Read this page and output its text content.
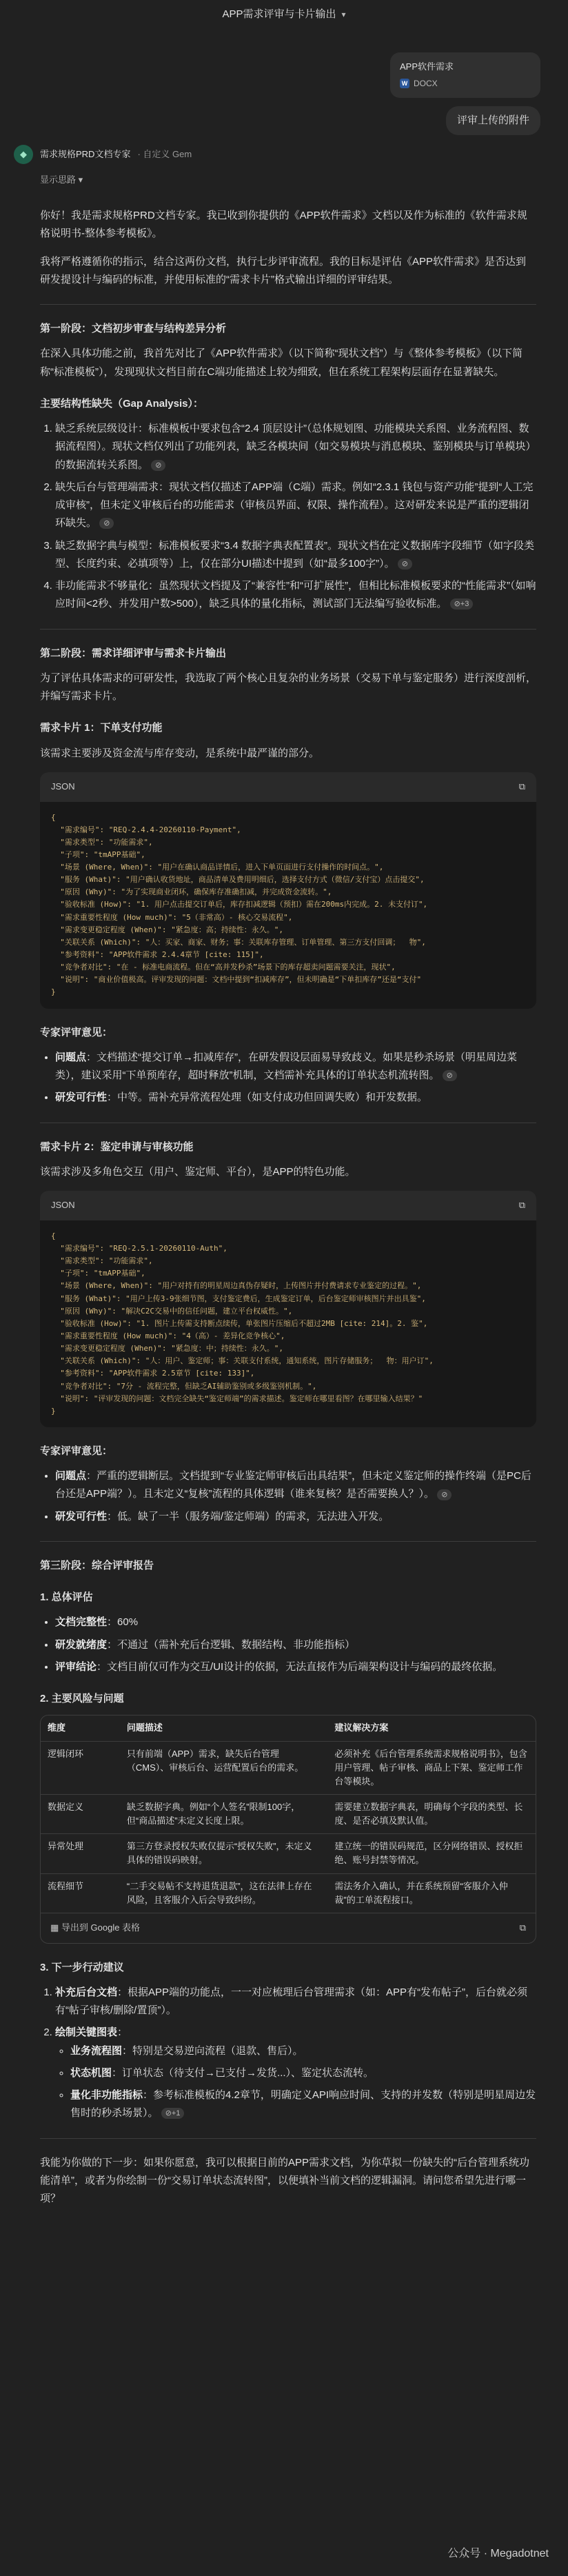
APP需求评审与卡片输出 ▾
APP软件需求
W DOCX
评审上传的附件
◆	需求规格PRD文档专家 · 自定义 Gem
显示思路 ▾

你好！我是需求规格PRD文档专家。我已收到你提供的《APP软件需求》文档以及作为标准的《软件需求规格说明书-整体参考模板》。

我将严格遵循你的指示，结合这两份文档，执行七步评审流程。我的目标是评估《APP软件需求》是否达到研发提设计与编码的标准，并使用标准的“需求卡片”格式输出详细的评审结果。

第一阶段：文档初步审查与结构差异分析

在深入具体功能之前，我首先对比了《APP软件需求》（以下简称“现状文档”）与《整体参考模板》（以下简称“标准模板”），发现现状文档目前在C端功能描述上较为细致，但在系统工程架构层面存在显著缺失。

主要结构性缺失（Gap Analysis）：
1. 缺乏系统层级设计：标准模板中要求包含“2.4 顶层设计”（总体规划图、功能模块关系图、业务流程图、数据流程图）。现状文档仅列出了功能列表，缺乏各模块间（如交易模块与消息模块、鉴别模块与订单模块）的数据流转关系图。 ⊘
2. 缺失后台与管理端需求：现状文档仅描述了APP端（C端）需求。例如“2.3.1 钱包与资产功能”提到“人工完成审核”，但未定义审核后台的功能需求（审核员界面、权限、操作流程）。这对研发来说是严重的逻辑闭环缺失。 ⊘
3. 缺乏数据字典与模型：标准模板要求“3.4 数据字典表配置表”。现状文档在定义数据库字段细节（如字段类型、长度约束、必填项等）上，仅在部分UI描述中提到（如“最多100字”）。 ⊘
4. 非功能需求不够量化：虽然现状文档提及了“兼容性”和“可扩展性”，但相比标准模板要求的“性能需求”（如响应时间<2秒、并发用户数>500），缺乏具体的量化指标，测试部门无法编写验收标准。 ⊘+3
第二阶段：需求详细评审与需求卡片输出

为了评估具体需求的可研发性，我选取了两个核心且复杂的业务场景（交易下单与鉴定服务）进行深度剖析，并编写需求卡片。

需求卡片 1：下单支付功能

该需求主要涉及资金流与库存变动，是系统中最严谨的部分。

JSON	⧉
{
"需求编号": "REQ-2.4.4-20260110-Payment",
"需求类型": "功能需求",
"子项": "tmAPP基础",
"场景 (Where, When)": "用户在确认商品详情后，进入下单页面进行支付操作的时间点。",
"服务 (What)": "用户确认收货地址，商品清单及费用明细后，选择支付方式（微信/支付宝）点击提交",
"原因 (Why)": "为了实现商业闭环，确保库存准确扣减，并完成资金流转。",
"验收标准 (How)": "1. 用户点击提交订单后，库存扣减逻辑（预扣）需在200ms内完成。2. 未支付订",
"需求重要性程度 (How much)": "5（非常高）- 核心交易流程",
"需求变更稳定程度 (When)": "紧急度：高；持续性：永久。",
"关联关系 (Which)": "人：买家、商家、财务；事：关联库存管理、订单管理、第三方支付回调；  物",
"参考资料": "APP软件需求 2.4.4章节 [cite: 115]",
"竞争者对比": "在 - 标准电商流程。但在“高并发秒杀”场景下的库存超卖问题需要关注，现状",
"说明": "商业价值极高。评审发现的问题：文档中提到“扣减库存”，但未明确是“下单扣库存”还是“支付"
}
专家评审意见：
• 问题点：文档描述“提交订单→扣减库存”，在研发假设层面易导致歧义。如果是秒杀场景（明星周边菜类），建议采用“下单预库存，超时释放”机制，文档需补充具体的订单状态机流转图。 ⊘
• 研发可行性：中等。需补充异常流程处理（如支付成功但回调失败）和开发数据。
需求卡片 2：鉴定申请与审核功能

该需求涉及多角色交互（用户、鉴定师、平台），是APP的特色功能。

JSON	⧉
{
"需求编号": "REQ-2.5.1-20260110-Auth",
"需求类型": "功能需求",
"子项": "tmAPP基础",
"场景 (Where, When)": "用户对持有的明星周边真伪存疑时，上传图片并付费请求专业鉴定的过程。",
"服务 (What)": "用户上传3-9张细节图，支付鉴定费后，生成鉴定订单，后台鉴定师审核图片并出具鉴",
"原因 (Why)": "解决C2C交易中的信任问题，建立平台权威性。",
"验收标准 (How)": "1. 图片上传需支持断点续传，单张图片压缩后不超过2MB [cite: 214]。2. 鉴",
"需求重要性程度 (How much)": "4（高）- 差异化竞争核心",
"需求变更稳定程度 (When)": "紧急度：中；持续性：永久。",
"关联关系 (Which)": "人：用户、鉴定师；事：关联支付系统，通知系统，图片存储服务；  物：用户订",
"参考资料": "APP软件需求 2.5章节 [cite: 133]",
"竞争者对比": "7分 - 流程完整，但缺乏AI辅助鉴别或多级鉴别机制。",
"说明": "评审发现的问题：文档完全缺失“鉴定师端”的需求描述。鉴定师在哪里看图？在哪里输入结果？"
}
专家评审意见：
• 问题点：严重的逻辑断层。文档提到“专业鉴定师审核后出具结果”，但未定义鉴定师的操作终端（是PC后台还是APP端？）。且未定义“复核”流程的具体逻辑（谁来复核？是否需要换人？）。 ⊘
• 研发可行性：低。缺了一半（服务端/鉴定师端）的需求，无法进入开发。
第三阶段：综合评审报告
1. 总体评估
• 文档完整性：60%
• 研发就绪度：不通过（需补充后台逻辑、数据结构、非功能指标）
• 评审结论：文档目前仅可作为交互/UI设计的依据，无法直接作为后端架构设计与编码的最终依据。
2. 主要风险与问题
维度	问题描述	建议解决方案
逻辑闭环	只有前端（APP）需求，缺失后台管理（CMS）、审核后台、运营配置后台的需求。	必须补充《后台管理系统需求规格说明书》，包含用户管理、帖子审核、商品上下架、鉴定师工作台等模块。
数据定义	缺乏数据字典。例如“个人签名”限制100字，但“商品描述”未定义长度上限。	需要建立数据字典表，明确每个字段的类型、长度、是否必填及默认值。
异常处理	第三方登录授权失败仅提示“授权失败”，未定义具体的错误码映射。	建立统一的错误码规范，区分网络错误、授权拒绝、账号封禁等情况。
流程细节	“二手交易帖不支持退货退款”，这在法律上存在风险，且客服介入后会导致纠纷。	需法务介入确认，并在系统预留“客服介入仲裁”的工单流程接口。
▦ 导出到 Google 表格	⧉
3. 下一步行动建议
1. 补充后台文档：根据APP端的功能点，一一对应梳理后台管理需求（如：APP有“发布帖子”，后台就必须有“帖子审核/删除/置顶”）。
2. 绘制关键图表：
◦ 业务流程图：特别是交易逆向流程（退款、售后）。
◦ 状态机图：订单状态（待支付→已支付→发货...）、鉴定状态流转。
◦ 量化非功能指标：参考标准模板的4.2章节，明确定义API响应时间、支持的并发数（特别是明星周边发售时的秒杀场景）。 ⊘+1

我能为你做的下一步：如果你愿意，我可以根据目前的APP需求文档，为你草拟一份缺失的“后台管理系统功能清单”，或者为你绘制一份“交易订单状态流转图”，以便填补当前文档的逻辑漏洞。请问您希望先进行哪一项？

公众号 · Megadotnet
